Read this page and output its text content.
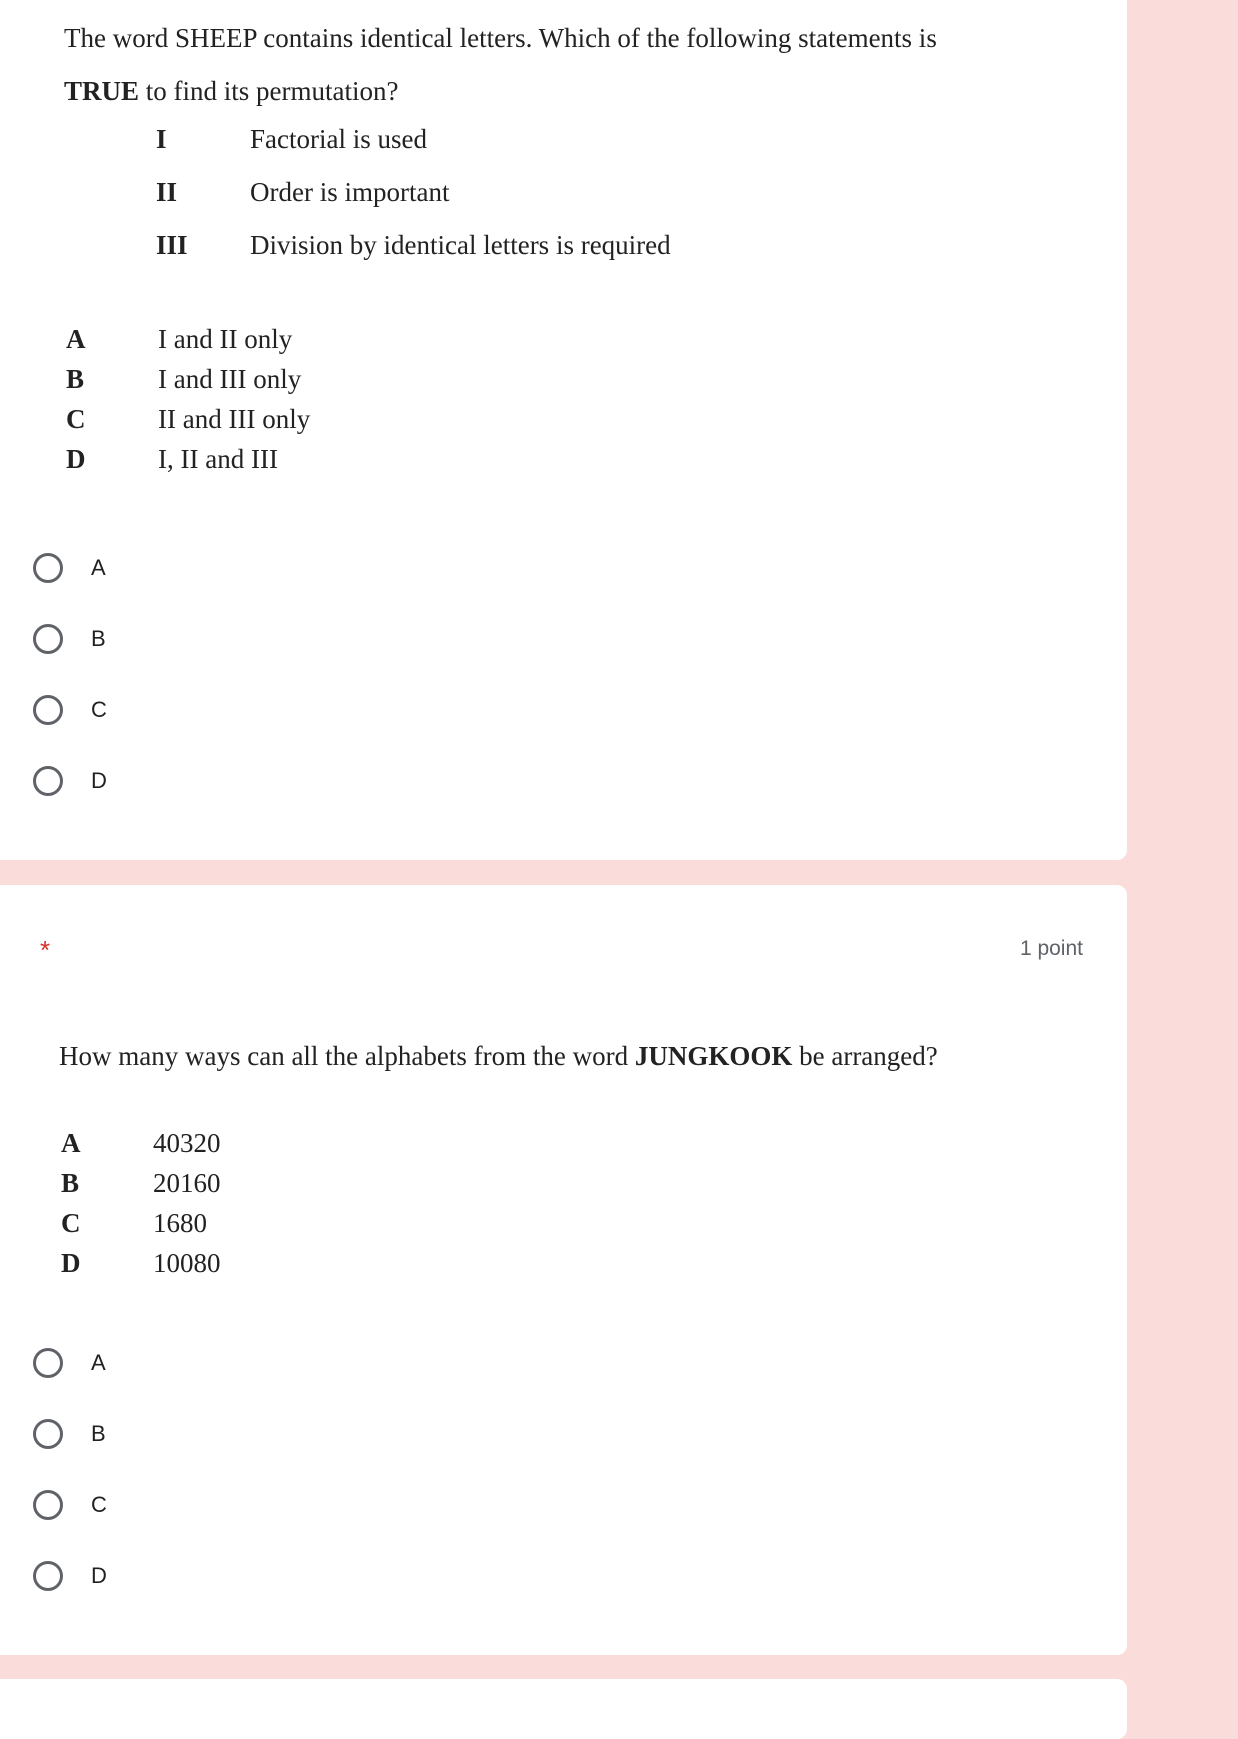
The word SHEEP contains identical letters. Which of the following statements is
TRUE to find its permutation?
I	Factorial is used
II	Order is important
III Division by identical letters is required
A	I and II only
B	I and III only
C	II and III only
D	I, II and III
A
B
C
D
*	1 point
How many ways can all the alphabets from the word JUNGKOOK be arranged?
A	40320
B	20160
C	1680
D	10080
A
B
C
D
